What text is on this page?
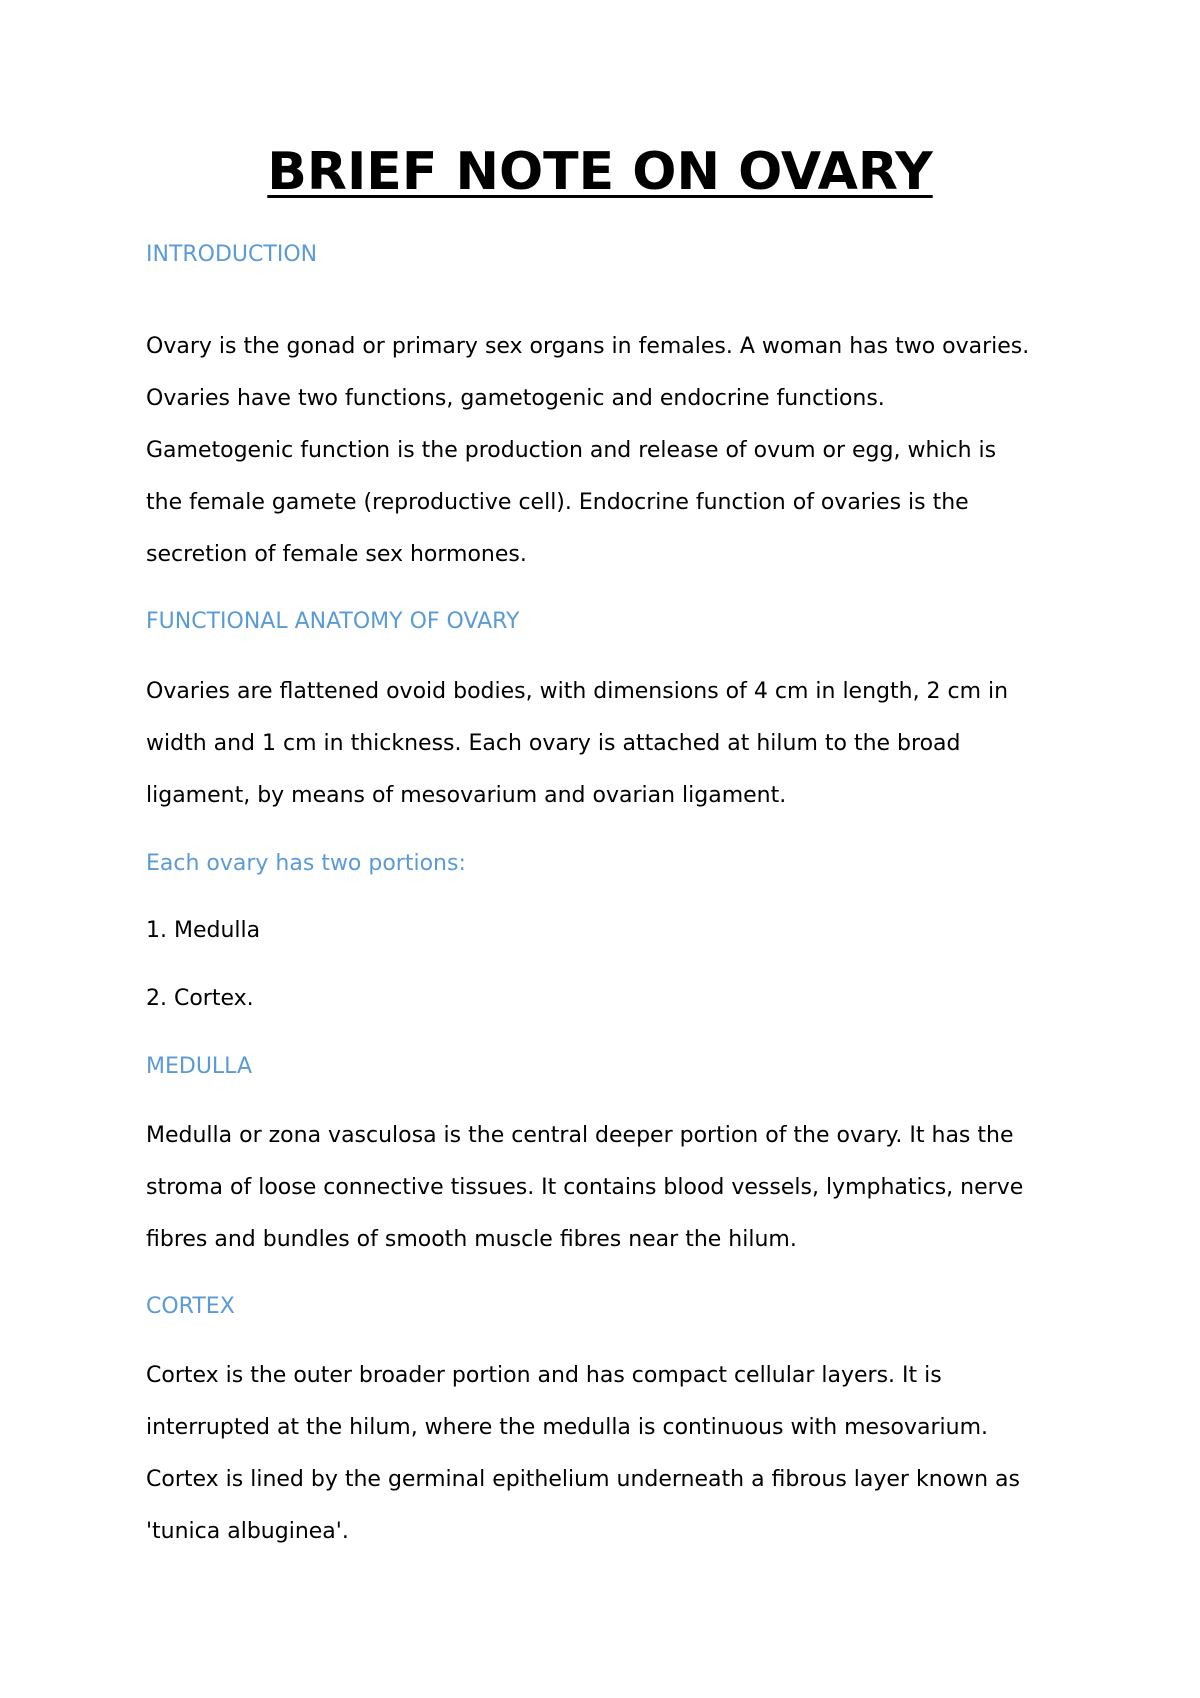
BRIEF NOTE ON OVARY
INTRODUCTION
Ovary is the gonad or primary sex organs in females. A woman has two ovaries.
Ovaries have two functions, gametogenic and endocrine functions.
Gametogenic function is the production and release of ovum or egg, which is
the female gamete (reproductive cell). Endocrine function of ovaries is the
secretion of female sex hormones.
FUNCTIONAL ANATOMY OF OVARY
Ovaries are flattened ovoid bodies, with dimensions of 4 cm in length, 2 cm in
width and 1 cm in thickness. Each ovary is attached at hilum to the broad
ligament, by means of mesovarium and ovarian ligament.
Each ovary has two portions:
1. Medulla
2. Cortex.
MEDULLA
Medulla or zona vasculosa is the central deeper portion of the ovary. It has the
stroma of loose connective tissues. It contains blood vessels, lymphatics, nerve
fibres and bundles of smooth muscle fibres near the hilum.
CORTEX
Cortex is the outer broader portion and has compact cellular layers. It is
interrupted at the hilum, where the medulla is continuous with mesovarium.
Cortex is lined by the germinal epithelium underneath a fibrous layer known as
'tunica albuginea'.
